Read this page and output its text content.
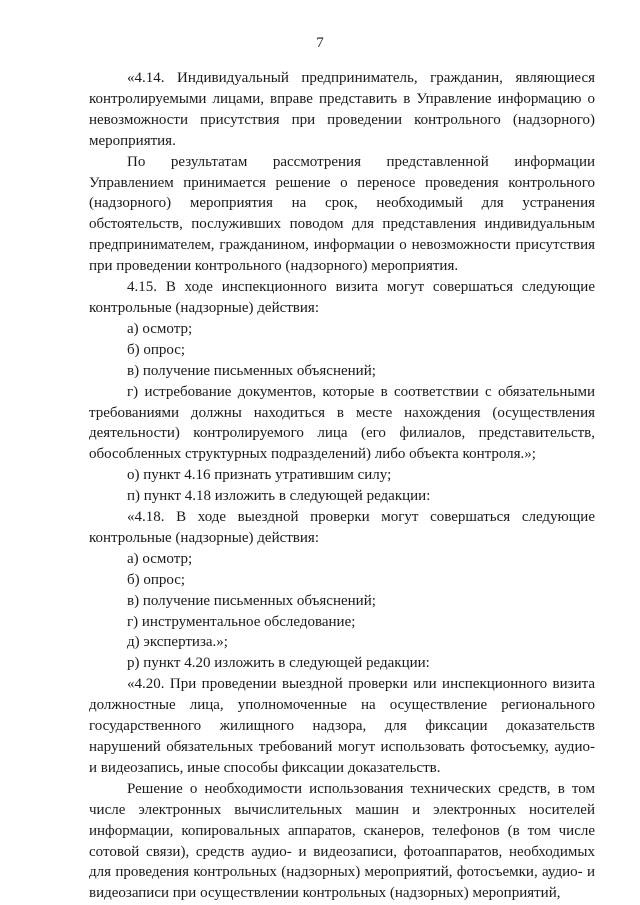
7

«4.14. Индивидуальный предприниматель, гражданин, являющиеся контролируемыми лицами, вправе представить в Управление информацию о невозможности присутствия при проведении контрольного (надзорного) мероприятия.

По результатам рассмотрения представленной информации Управлением принимается решение о переносе проведения контрольного (надзорного) мероприятия на срок, необходимый для устранения обстоятельств, послуживших поводом для представления индивидуальным предпринимателем, гражданином, информации о невозможности присутствия при проведении контрольного (надзорного) мероприятия.

4.15. В ходе инспекционного визита могут совершаться следующие контрольные (надзорные) действия:

а) осмотр;

б) опрос;

в) получение письменных объяснений;

г) истребование документов, которые в соответствии с обязательными требованиями должны находиться в месте нахождения (осуществления деятельности) контролируемого лица (его филиалов, представительств, обособленных структурных подразделений) либо объекта контроля.»;

о) пункт 4.16 признать утратившим силу;

п) пункт 4.18 изложить в следующей редакции:

«4.18. В ходе выездной проверки могут совершаться следующие контрольные (надзорные) действия:

а) осмотр;

б) опрос;

в) получение письменных объяснений;

г) инструментальное обследование;

д) экспертиза.»;

р) пункт 4.20 изложить в следующей редакции:

«4.20. При проведении выездной проверки или инспекционного визита должностные лица, уполномоченные на осуществление регионального государственного жилищного надзора, для фиксации доказательств нарушений обязательных требований могут использовать фотосъемку, аудио- и видеозапись, иные способы фиксации доказательств.

Решение о необходимости использования технических средств, в том числе электронных вычислительных машин и электронных носителей информации, копировальных аппаратов, сканеров, телефонов (в том числе сотовой связи), средств аудио- и видеозаписи, фотоаппаратов, необходимых для проведения контрольных (надзорных) мероприятий, фотосъемки, аудио- и видеозаписи при осуществлении контрольных (надзорных) мероприятий,
